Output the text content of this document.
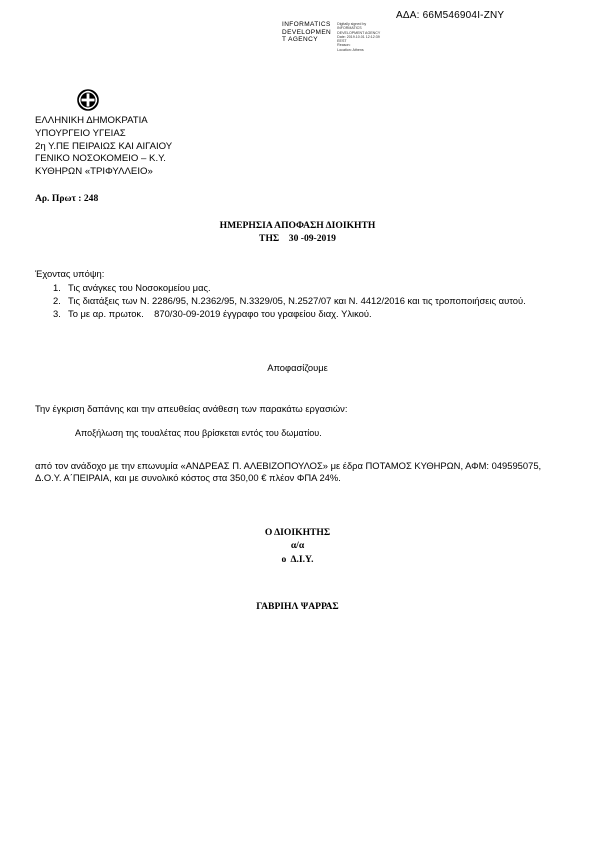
ΑΔΑ: 66Μ546904Ι-ΖΝΥ
INFORMATICS
DEVELOPMEN
T AGENCY
Digitally signed by
INFORMATICS
DEVELOPMENT AGENCY
Date: 2019.10.01 12:12:39
EEST
Reason:
Location: Athens
ΕΛΛΗΝΙΚΗ ΔΗΜΟΚΡΑΤΙΑ
ΥΠΟΥΡΓΕΙΟ ΥΓΕΙΑΣ
2η Υ.ΠΕ ΠΕΙΡΑΙΩΣ ΚΑΙ ΑΙΓΑΙΟΥ
ΓΕΝΙΚΟ ΝΟΣΟΚΟΜΕΙΟ – Κ.Υ.
ΚΥΘΗΡΩΝ «ΤΡΙΦΥΛΛΕΙΟ»
Αρ. Πρωτ : 248
ΗΜΕΡΗΣΙΑ ΑΠΟΦΑΣΗ ΔΙΟΙΚΗΤΗ
ΤΗΣ    30 -09-2019
Έχοντας υπόψη:
1. Τις ανάγκες του Νοσοκομείου μας.
2. Τις διατάξεις των Ν. 2286/95, Ν.2362/95, Ν.3329/05, Ν.2527/07 και Ν. 4412/2016 και τις τροποποιήσεις αυτού.
3. Το με αρ. πρωτοκ.    870/30-09-2019 έγγραφο του γραφείου διαχ. Υλικού.
Αποφασίζουμε
Την έγκριση δαπάνης και την απευθείας ανάθεση των παρακάτω εργασιών:
Αποξήλωση της τουαλέτας που βρίσκεται εντός του δωματίου.
από τον ανάδοχο με την επωνυμία «ΑΝΔΡΕΑΣ Π. ΑΛΕΒΙΖΟΠΟΥΛΟΣ» με έδρα ΠΟΤΑΜΟΣ ΚΥΘΗΡΩΝ, ΑΦΜ: 049595075, Δ.Ο.Υ. Α΄ΠΕΙΡΑΙΑ, και με συνολικό κόστος στα 350,00 € πλέον ΦΠΑ 24%.
Ο ΔΙΟΙΚΗΤΗΣ
α/α
ο  Δ.Ι.Υ.
ΓΑΒΡΙΗΛ ΨΑΡΡΑΣ
